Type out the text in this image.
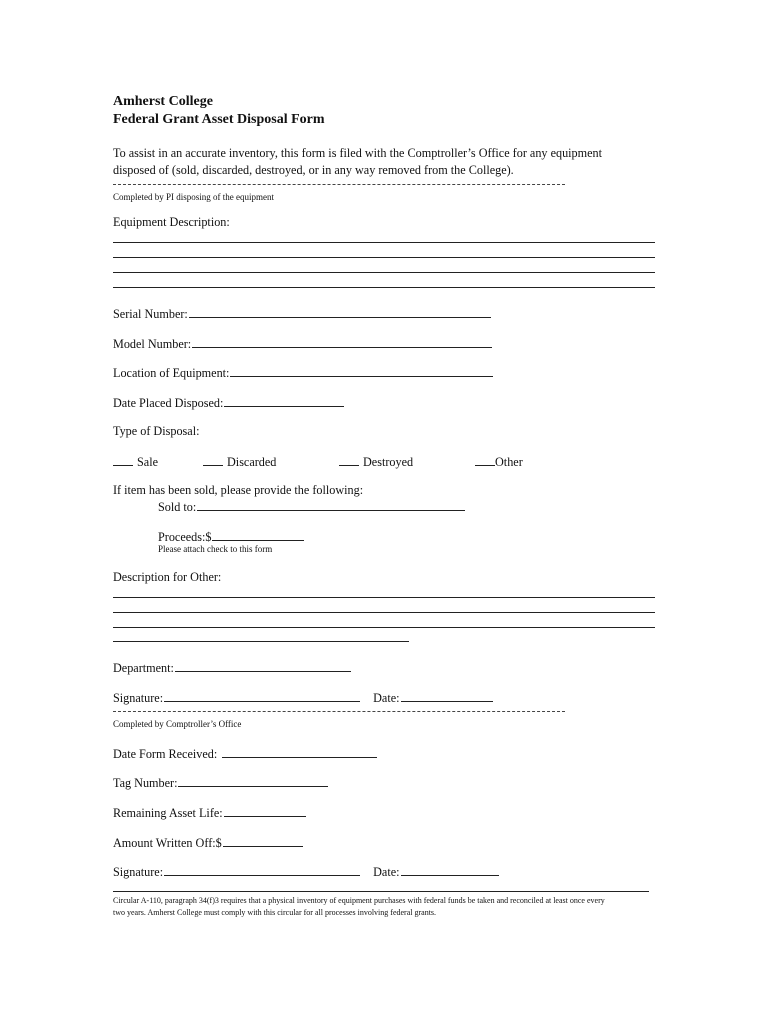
Amherst College
Federal Grant Asset Disposal Form
To assist in an accurate inventory, this form is filed with the Comptroller’s Office for any equipment
disposed of (sold, discarded, destroyed, or in any way removed from the College).
Completed by PI disposing of the equipment
Equipment Description:
Serial Number:
Model Number:
Location of Equipment:
Date Placed Disposed:
Type of Disposal:
Sale	Discarded	Destroyed	Other
If item has been sold, please provide the following:
Sold to:
Proceeds:$
Please attach check to this form
Description for Other:
Department:
Signature:	Date:
Completed by Comptroller’s Office
Date Form Received:
Tag Number:
Remaining Asset Life:
Amount Written Off:$
Signature:	Date:
Circular A-110, paragraph 34(f)3 requires that a physical inventory of equipment purchases with federal funds be taken and reconciled at least once every
two years. Amherst College must comply with this circular for all processes involving federal grants.
